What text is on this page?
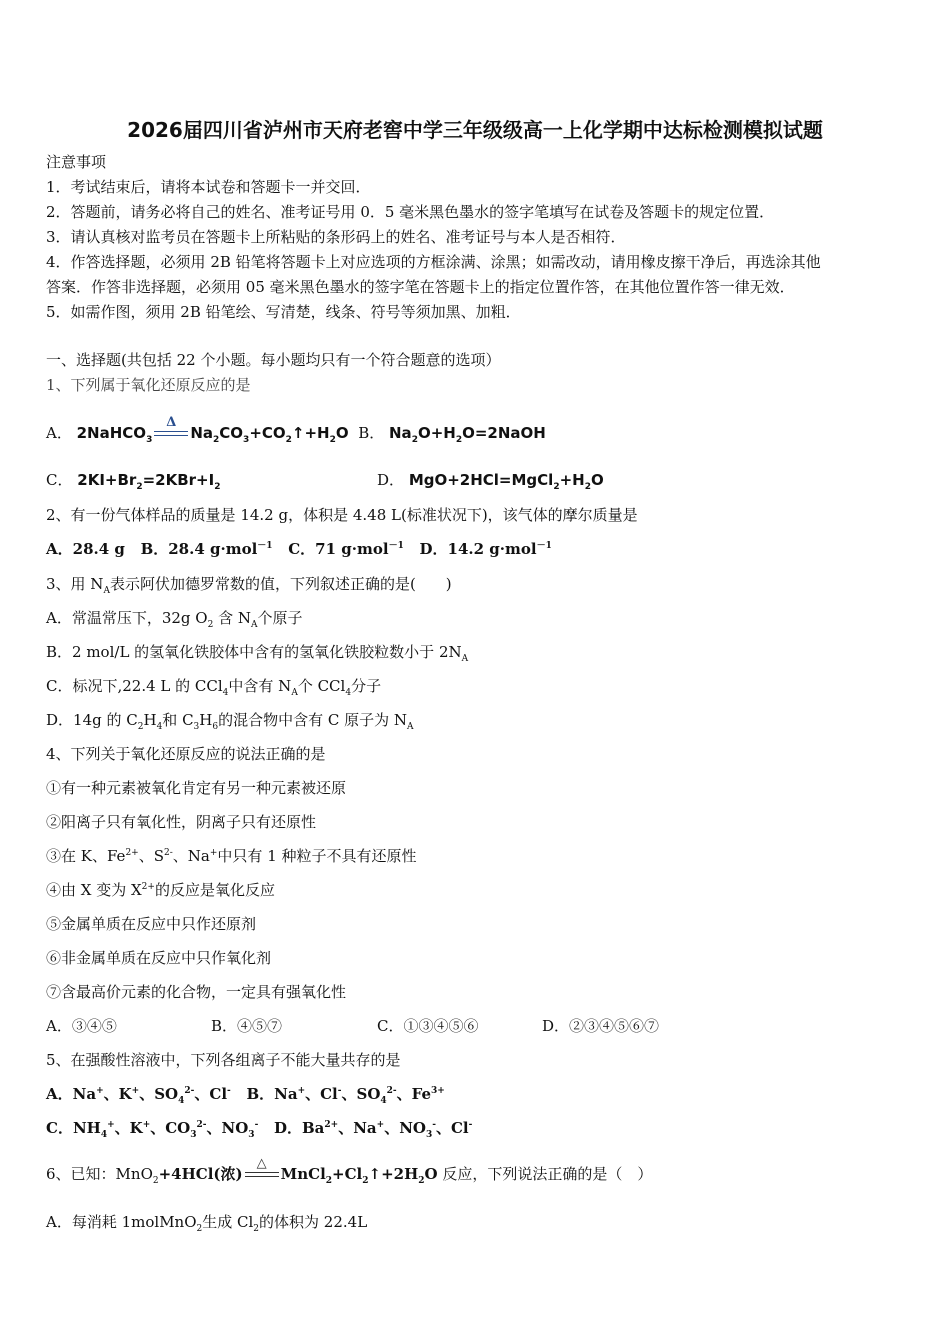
2026届四川省泸州市天府老窖中学三年级级高一上化学期中达标检测模拟试题
注意事项
1．考试结束后，请将本试卷和答题卡一并交回．
2．答题前，请务必将自己的姓名、准考证号用 0．5 毫米黑色墨水的签字笔填写在试卷及答题卡的规定位置．
3．请认真核对监考员在答题卡上所粘贴的条形码上的姓名、准考证号与本人是否相符．
4．作答选择题，必须用 2B 铅笔将答题卡上对应选项的方框涂满、涂黑；如需改动，请用橡皮擦干净后，再选涂其他
答案．作答非选择题，必须用 05 毫米黑色墨水的签字笔在答题卡上的指定位置作答，在其他位置作答一律无效．
5．如需作图，须用 2B 铅笔绘、写清楚，线条、符号等须加黑、加粗．
一、选择题(共包括 22 个小题。每小题均只有一个符合题意的选项）
1、下列属于氧化还原反应的是
A． 2NaHCO$_3$
Δ
$Na_2CO_3+CO_2↑+H_2O$ B． $Na_2O+H_2O=2NaOH$
C． $2KI+Br_2=2KBr+I_2$	D． $MgO+2HCl=MgCl_2+H_2O$
2、有一份气体样品的质量是 14.2 g，体积是 4.48 L(标准状况下)，该气体的摩尔质量是
A．28.4 g B．28.4 g·mol$^{-1}$ C．71 g·mol$^{-1}$ D．14.2 g·mol$^{-1}$
3、用 $N_A$表示阿伏加德罗常数的值，下列叙述正确的是(　　)
A．常温常压下，32g $O_2$ 含 $N_A$个原子
B．2 mol/L 的氢氧化铁胶体中含有的氢氧化铁胶粒数小于 $2N_A$
C．标况下,22.4 L 的 CCl$_4$中含有 $N_A$个 CCl$_4$分子
D．14g 的 $C_2H_4$和 $C_3H_6$的混合物中含有 C 原子为 $N_A$
4、下列关于氧化还原反应的说法正确的是
①有一种元素被氧化肯定有另一种元素被还原
②阳离子只有氧化性，阴离子只有还原性
③在 K、$Fe^{2+}$、$S^{2-}$、Na+中只有 1 种粒子不具有还原性
④由 X 变为 $X^{2+}$的反应是氧化反应
⑤金属单质在反应中只作还原剂
⑥非金属单质在反应中只作氧化剂
⑦含最高价元素的化合物，一定具有强氧化性
A．③④⑤	B．④⑤⑦	C．①③④⑤⑥	D．②③④⑤⑥⑦
5、在强酸性溶液中，下列各组离子不能大量共存的是
A．Na+、K+、$SO_4^{2-}$、Cl-   B．Na+、Cl-、$SO_4^{2-}$、$Fe^{3+}$
C．$NH_4^+$、K+、$CO_3^{2-}$、$NO_3^-$   D．$Ba^{2+}$、Na+、$NO_3^-$、Cl-
6、已知：MnO$_2$+4HCl(浓)
△
$MnCl_2+Cl_2↑+2H_2O$ 反应，下列说法正确的是（　）
A．每消耗 1molMnO$_2$生成 $Cl_2$的体积为 22.4L
